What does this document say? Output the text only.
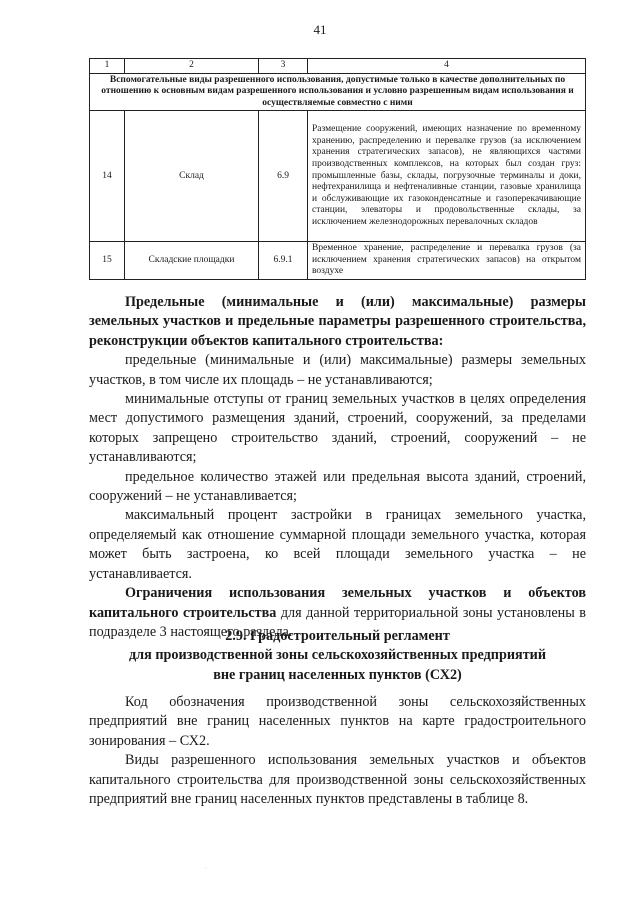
41
1	2	3	4
Вспомогательные виды разрешенного использования, допустимые только в качестве дополнительных по отношению к основным видам разрешенного использования и условно разрешенным видам использования и осуществляемые совместно с ними			
14	Склад	6.9	Размещение сооружений, имеющих назначение по временному хранению, распределению и перевалке грузов (за исключением хранения стратегических запасов), не являющихся частями производственных комплексов, на которых был создан груз: промышленные базы, склады, погрузочные терминалы и доки, нефтехранилища и нефтеналивные станции, газовые хранилища и обслуживающие их газоконденсатные и газоперекачивающие станции, элеваторы и продовольственные склады, за исключением железнодорожных перевалочных складов
15	Складские площадки	6.9.1	Временное хранение, распределение и перевалка грузов (за исключением хранения стратегических запасов) на открытом воздухе

Предельные (минимальные и (или) максимальные) размеры земельных участков и предельные параметры разрешенного строительства, реконструкции объектов капитального строительства:

предельные (минимальные и (или) максимальные) размеры земельных участков, в том числе их площадь – не устанавливаются;

минимальные отступы от границ земельных участков в целях определения мест допустимого размещения зданий, строений, сооружений, за пределами которых запрещено строительство зданий, строений, сооружений – не устанавливаются;

предельное количество этажей или предельная высота зданий, строений, сооружений – не устанавливается;

максимальный процент застройки в границах земельного участка, определяемый как отношение суммарной площади земельного участка, которая может быть застроена, ко всей площади земельного участка – не устанавливается.

Ограничения использования земельных участков и объектов капитального строительства для данной территориальной зоны установлены в подразделе 3 настоящего раздела.

2.9. Градостроительный регламент
для производственной зоны сельскохозяйственных предприятий
вне границ населенных пунктов (СХ2)

Код обозначения производственной зоны сельскохозяйственных предприятий вне границ населенных пунктов на карте градостроительного зонирования – СХ2.

Виды разрешенного использования земельных участков и объектов капитального строительства для производственной зоны сельскохозяйственных предприятий вне границ населенных пунктов представлены в таблице 8.

·
